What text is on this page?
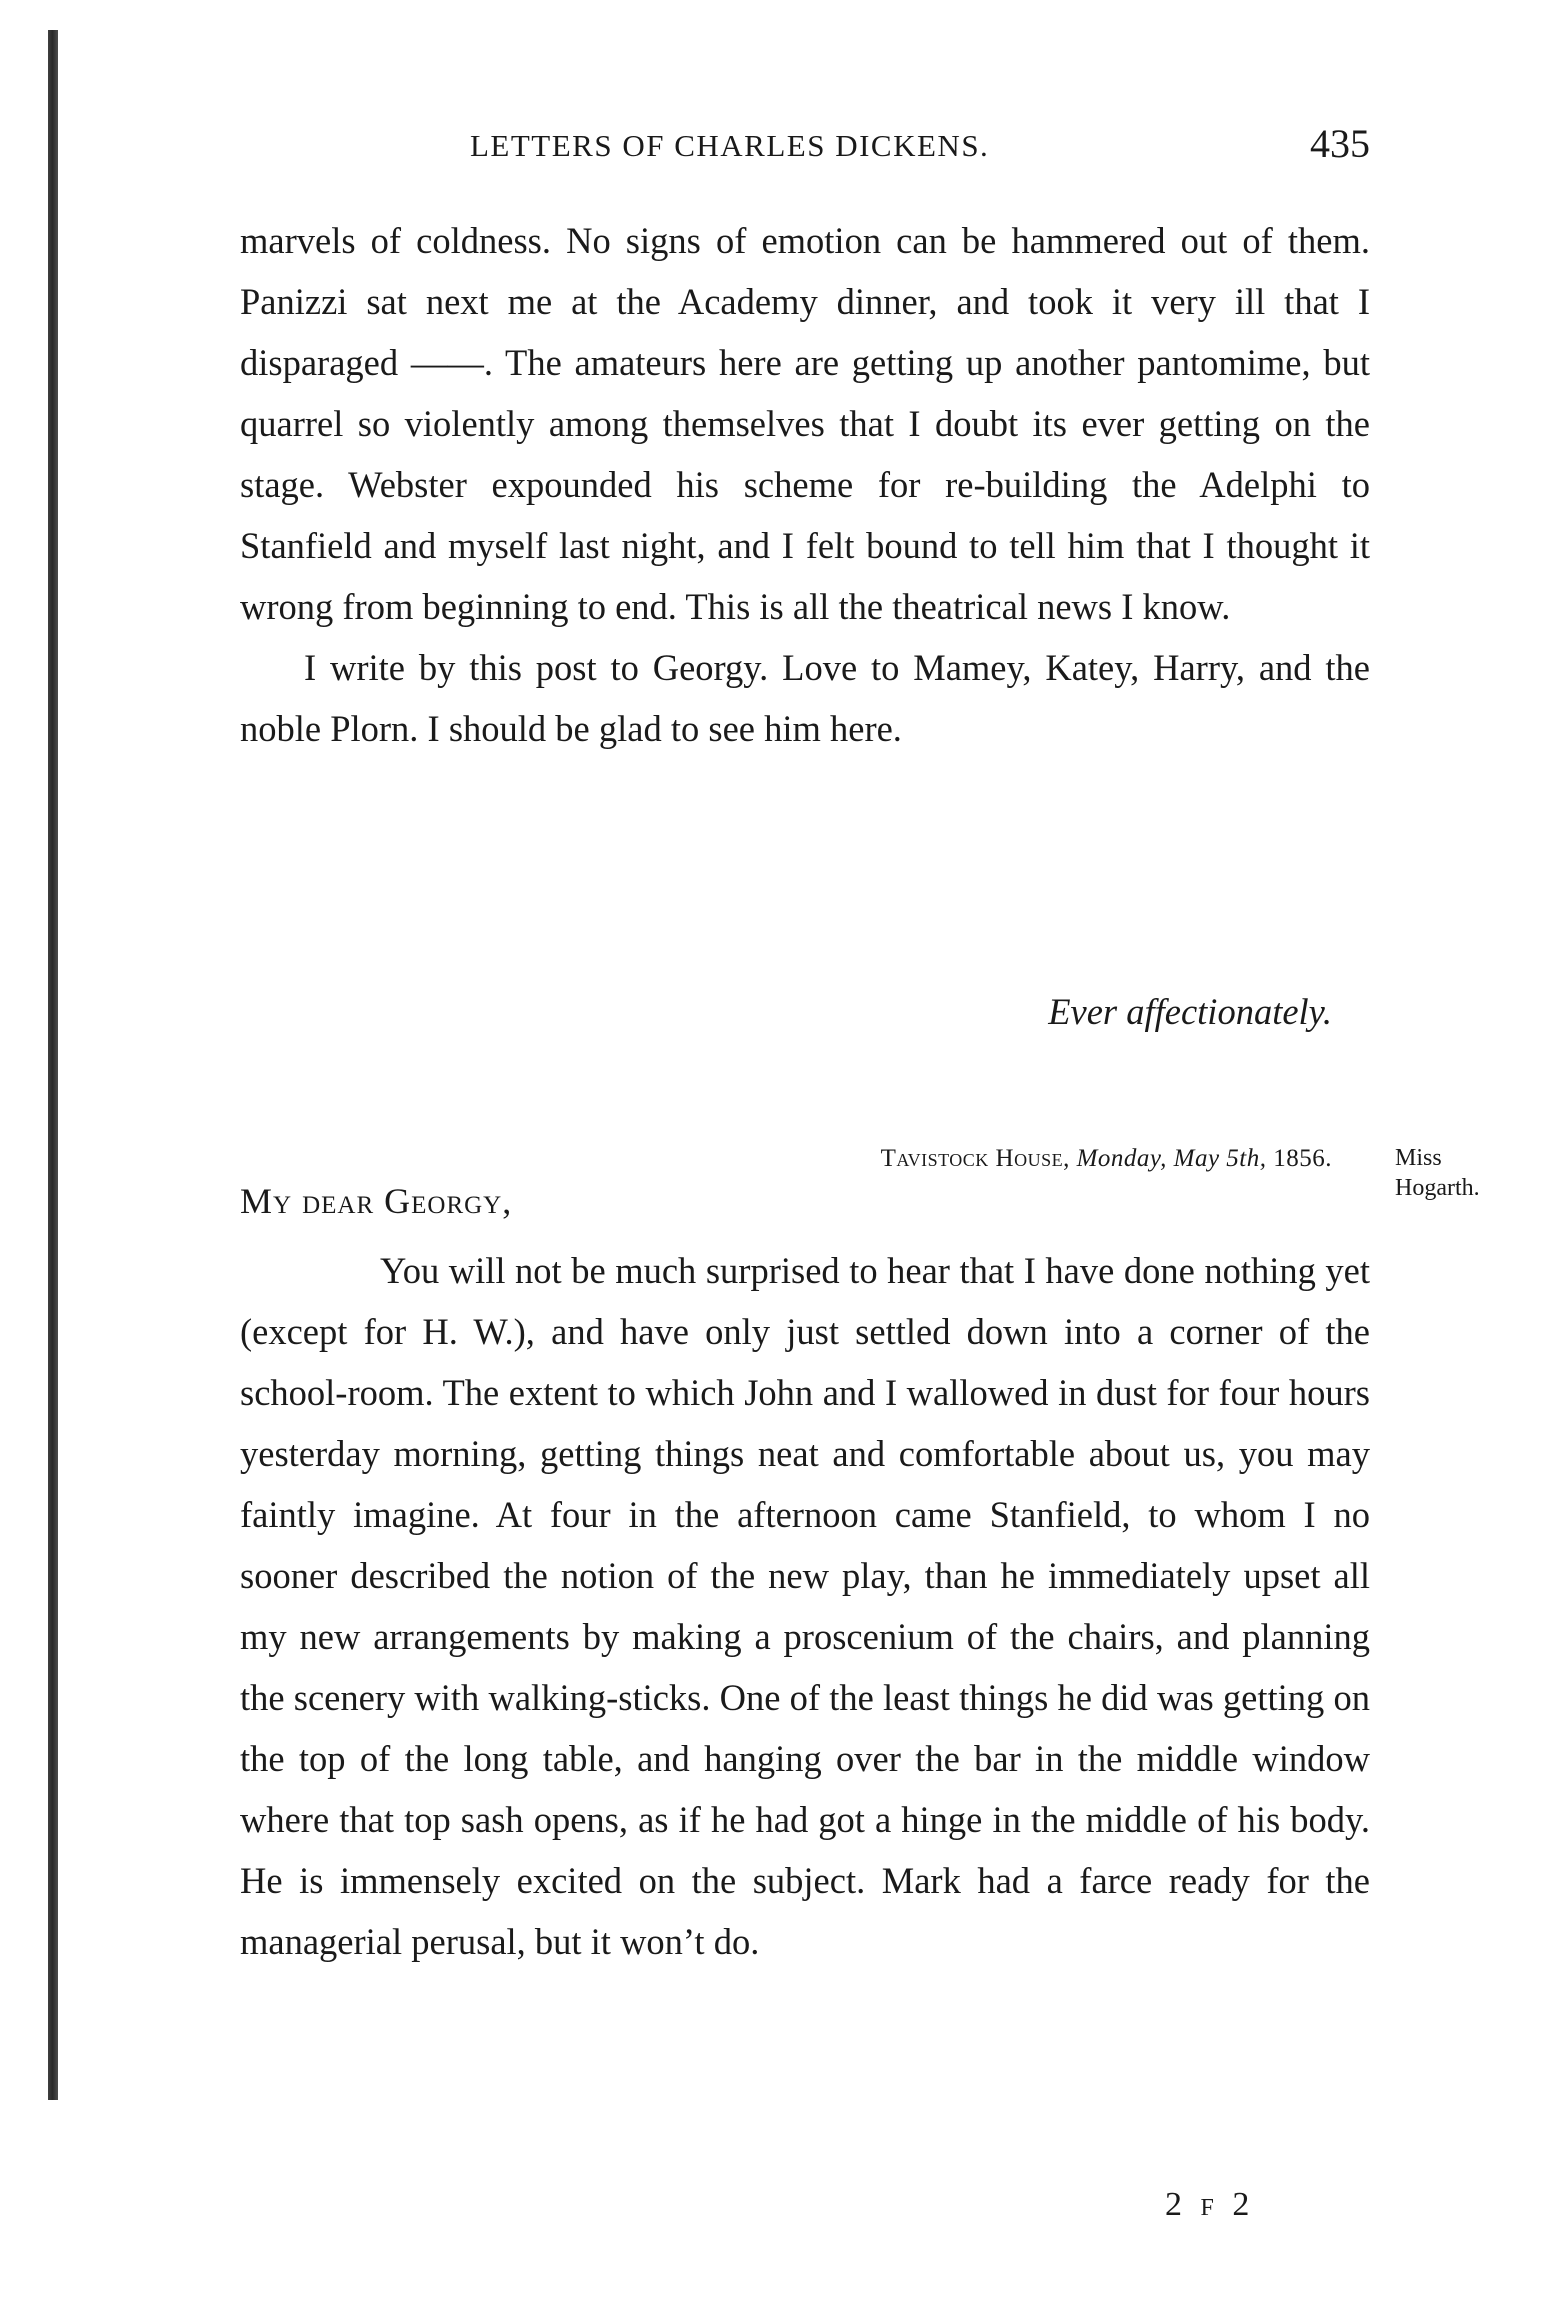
LETTERS OF CHARLES DICKENS.	435

marvels of coldness. No signs of emotion can be hammered out of them. Panizzi sat next me at the Academy dinner, and took it very ill that I disparaged ——. The amateurs here are getting up another pantomime, but quarrel so violently among themselves that I doubt its ever getting on the stage. Webster expounded his scheme for re-building the Adelphi to Stanfield and myself last night, and I felt bound to tell him that I thought it wrong from beginning to end. This is all the theatrical news I know.

I write by this post to Georgy. Love to Mamey, Katey, Harry, and the noble Plorn. I should be glad to see him here.

Ever affectionately.
Tavistock House, Monday, May 5th, 1856.	Miss
Hogarth.
My dear Georgy,

You will not be much surprised to hear that I have done nothing yet (except for H. W.), and have only just settled down into a corner of the school-room. The extent to which John and I wallowed in dust for four hours yesterday morning, getting things neat and comfortable about us, you may faintly imagine. At four in the afternoon came Stanfield, to whom I no sooner described the notion of the new play, than he immediately upset all my new arrangements by making a proscenium of the chairs, and planning the scenery with walking-sticks. One of the least things he did was getting on the top of the long table, and hanging over the bar in the middle window where that top sash opens, as if he had got a hinge in the middle of his body. He is immensely excited on the subject. Mark had a farce ready for the managerial perusal, but it won’t do.

2 F 2
